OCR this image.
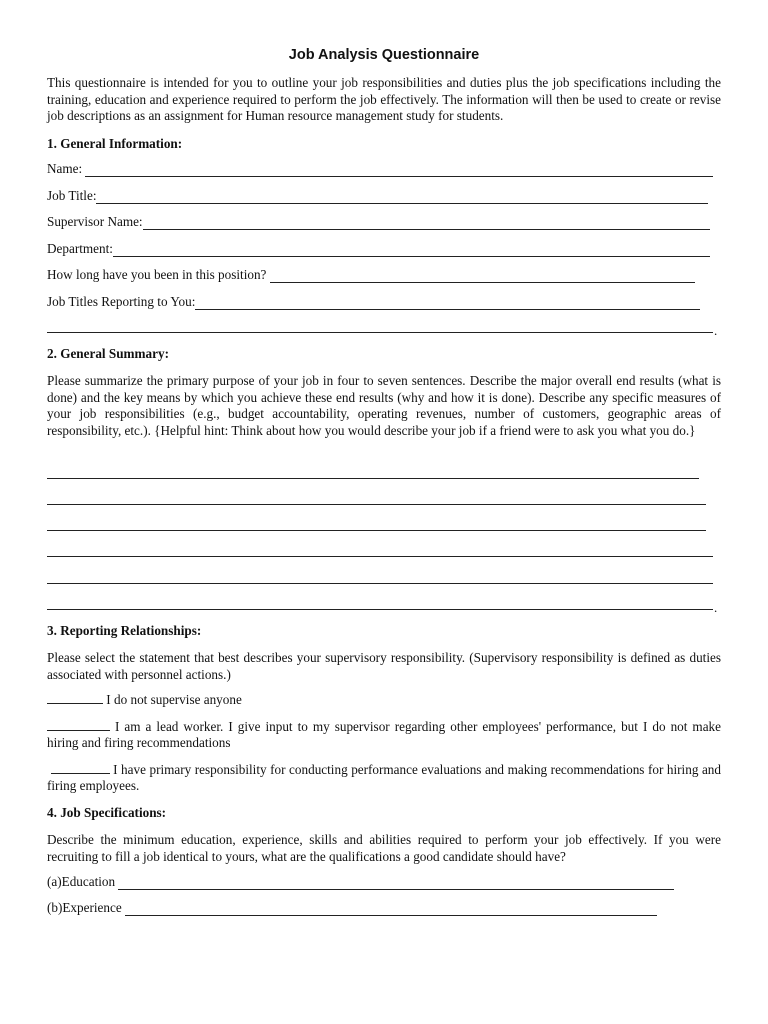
Job Analysis Questionnaire

This questionnaire is intended for you to outline your job responsibilities and duties plus the job specifications including the training, education and experience required to perform the job effectively. The information will then be used to create or revise job descriptions as an assignment for Human resource management study for students.

1. General Information:
Name:
Job Title:
Supervisor Name:
Department:
How long have you been in this position?
Job Titles Reporting to You:
.
2. General Summary:

Please summarize the primary purpose of your job in four to seven sentences. Describe the major overall end results (what is done) and the key means by which you achieve these end results (why and how it is done). Describe any specific measures of your job responsibilities (e.g., budget accountability, operating revenues, number of customers, geographic areas of responsibility, etc.). {Helpful hint: Think about how you would describe your job if a friend were to ask you what you do.}

.
3. Reporting Relationships:

Please select the statement that best describes your supervisory responsibility. (Supervisory responsibility is defined as duties associated with personnel actions.)

I do not supervise anyone

I am a lead worker. I give input to my supervisor regarding other employees' performance, but I do not make hiring and firing recommendations

I have primary responsibility for conducting performance evaluations and making recommendations for hiring and firing employees.

4. Job Specifications:

Describe the minimum education, experience, skills and abilities required to perform your job effectively. If you were recruiting to fill a job identical to yours, what are the qualifications a good candidate should have?

(a)Education
(b)Experience
